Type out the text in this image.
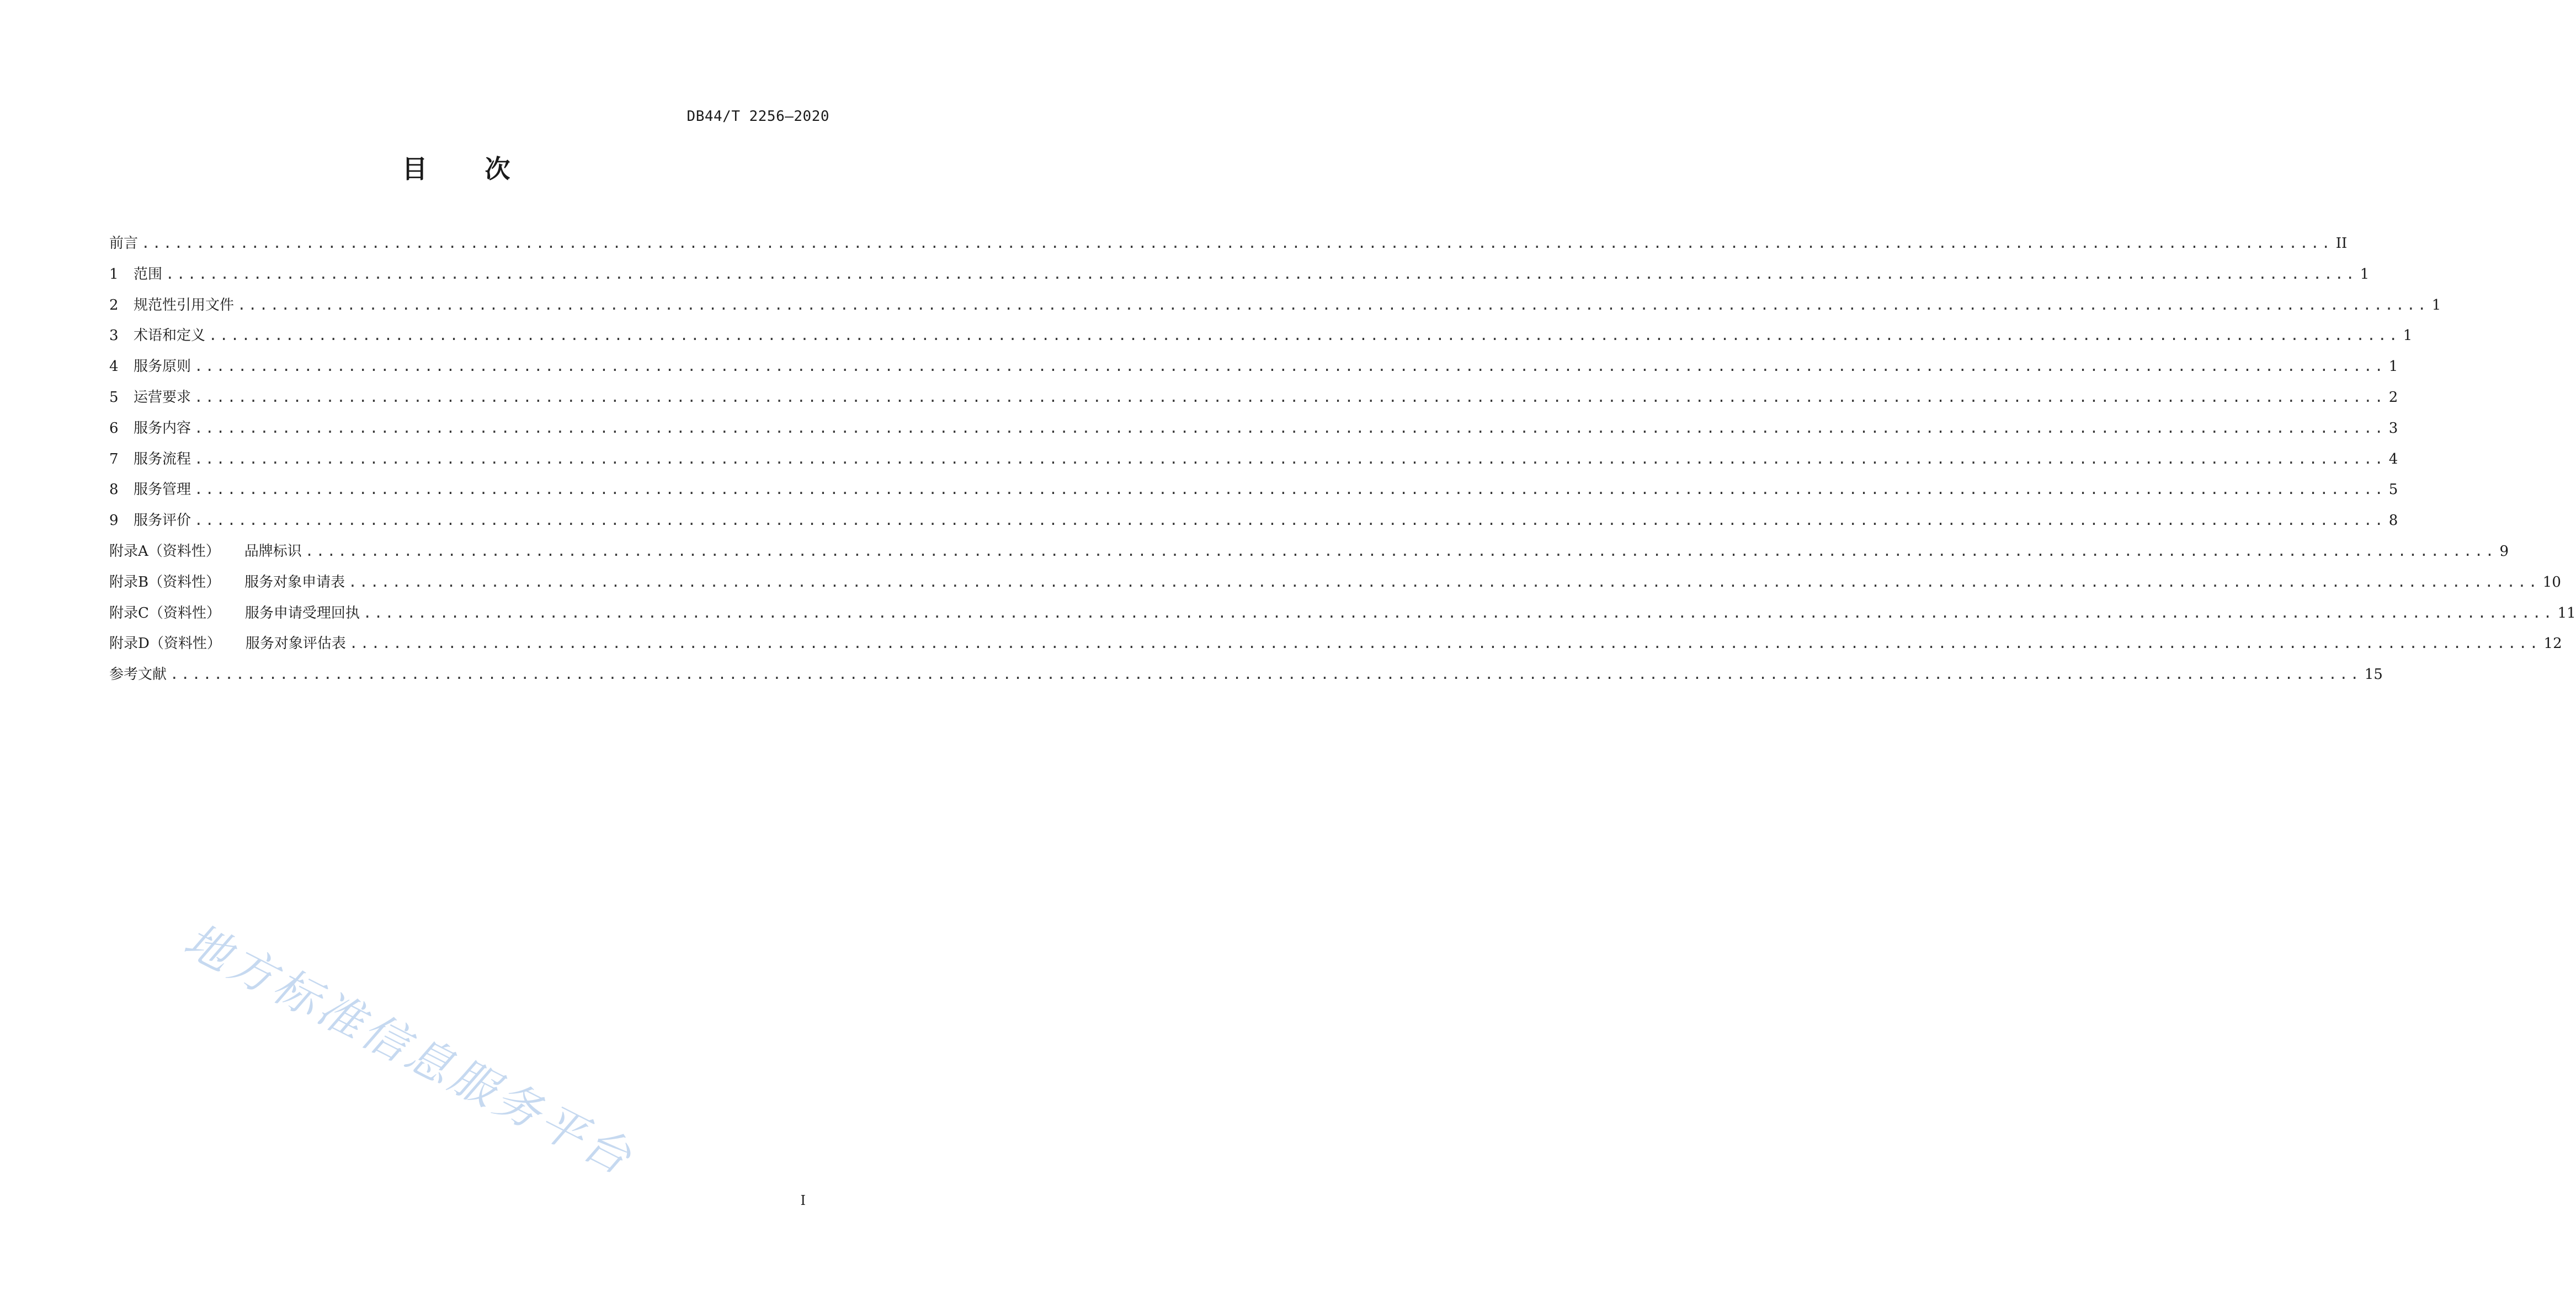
DB44/T 2256—2020
目 次
前言 ........................................................................................................................................................................................................ II
1	范围 ........................................................................................................................................................................................................ 1
2	规范性引用文件 ........................................................................................................................................................................................................ 1
3	术语和定义 ........................................................................................................................................................................................................ 1
4	服务原则 ........................................................................................................................................................................................................ 1
5	运营要求 ........................................................................................................................................................................................................ 2
6	服务内容 ........................................................................................................................................................................................................ 3
7	服务流程 ........................................................................................................................................................................................................ 4
8	服务管理 ........................................................................................................................................................................................................ 5
9	服务评价 ........................................................................................................................................................................................................ 8
附录A（资料性） 品牌标识 ........................................................................................................................................................................................................ 9
附录B（资料性） 服务对象申请表 ........................................................................................................................................................................................................ 10
附录C（资料性） 服务申请受理回执 ........................................................................................................................................................................................................ 11
附录D（资料性） 服务对象评估表 ........................................................................................................................................................................................................ 12
参考文献 ........................................................................................................................................................................................................ 15
地方标准信息服务平台
I
